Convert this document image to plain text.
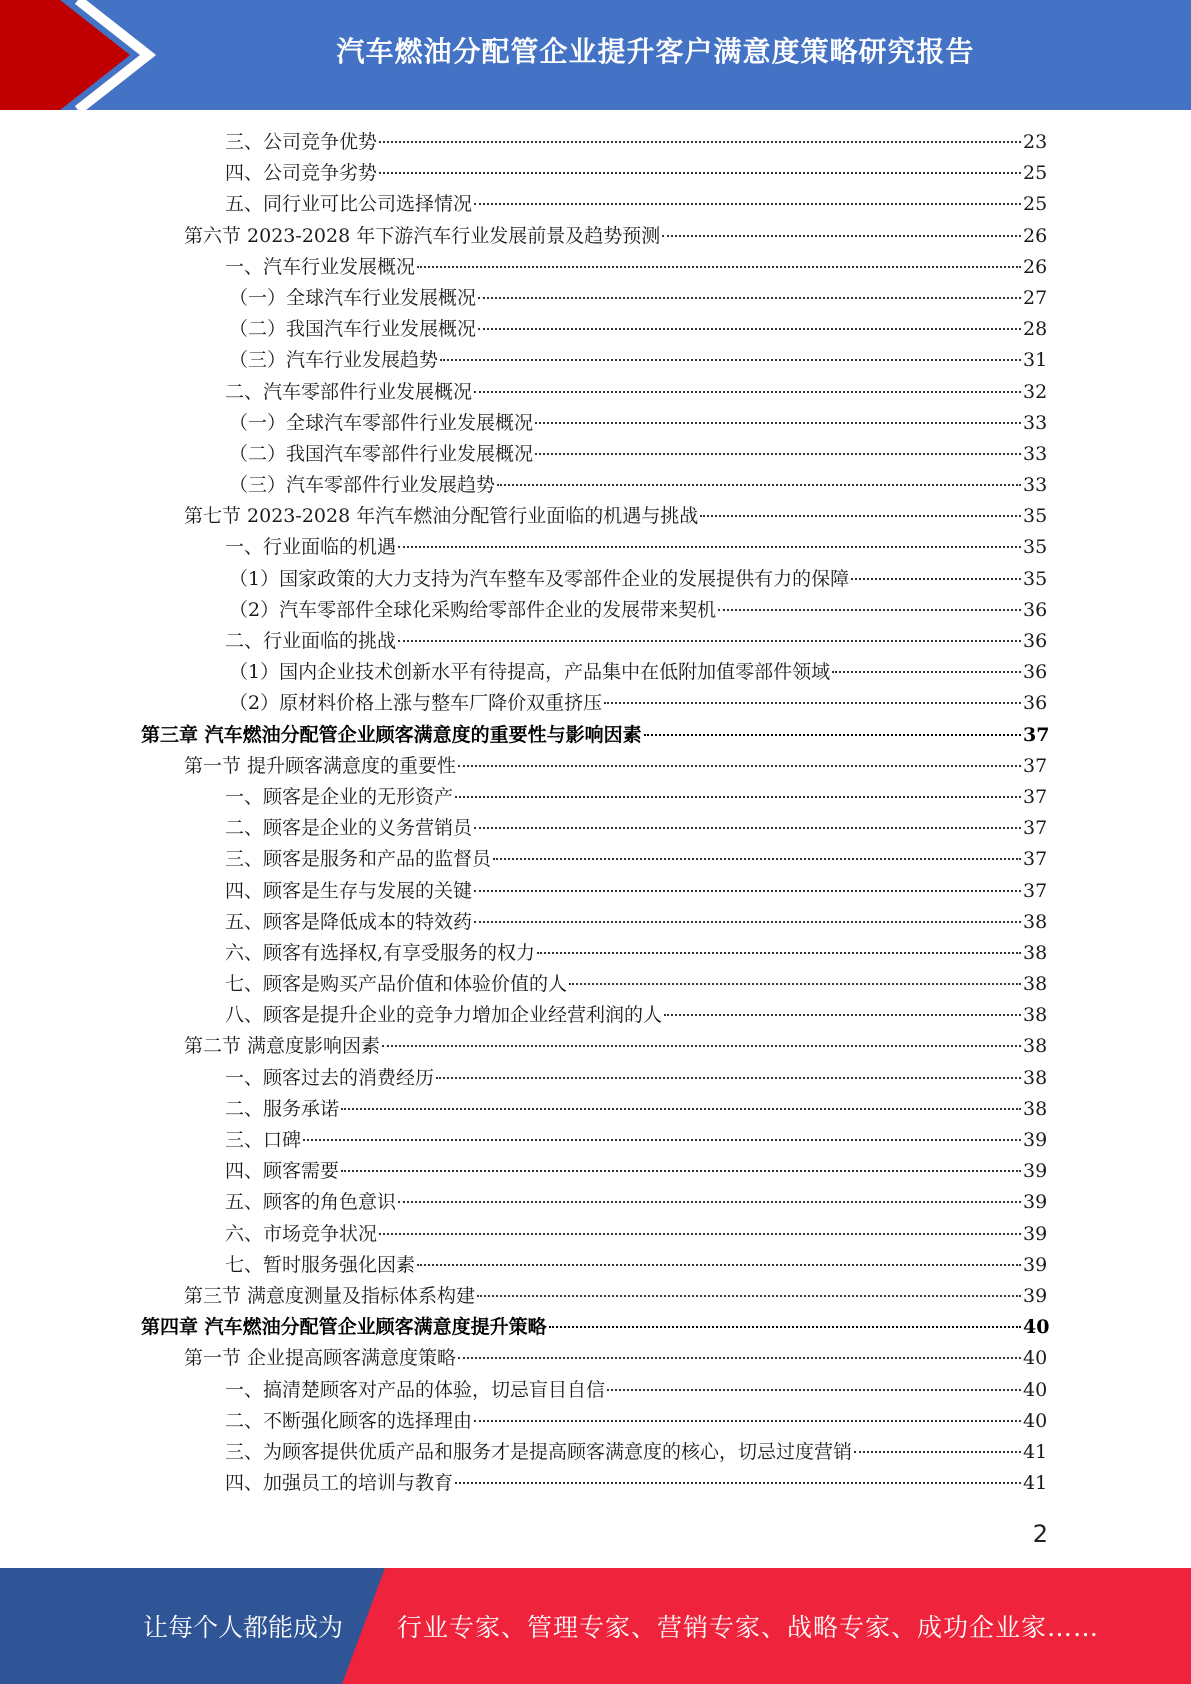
汽车燃油分配管企业提升客户满意度策略研究报告
三、公司竞争优势	23
四、公司竞争劣势	25
五、同行业可比公司选择情况	25
第六节 2023-2028 年下游汽车行业发展前景及趋势预测	26
一、汽车行业发展概况	26
（一）全球汽车行业发展概况	27
（二）我国汽车行业发展概况	28
（三）汽车行业发展趋势	31
二、汽车零部件行业发展概况	32
（一）全球汽车零部件行业发展概况	33
（二）我国汽车零部件行业发展概况	33
（三）汽车零部件行业发展趋势	33
第七节 2023-2028 年汽车燃油分配管行业面临的机遇与挑战	35
一、行业面临的机遇	35
（1）国家政策的大力支持为汽车整车及零部件企业的发展提供有力的保障	35
（2）汽车零部件全球化采购给零部件企业的发展带来契机	36
二、行业面临的挑战	36
（1）国内企业技术创新水平有待提高，产品集中在低附加值零部件领域	36
（2）原材料价格上涨与整车厂降价双重挤压	36
第三章 汽车燃油分配管企业顾客满意度的重要性与影响因素	37
第一节 提升顾客满意度的重要性	37
一、顾客是企业的无形资产	37
二、顾客是企业的义务营销员	37
三、顾客是服务和产品的监督员	37
四、顾客是生存与发展的关键	37
五、顾客是降低成本的特效药	38
六、顾客有选择权,有享受服务的权力	38
七、顾客是购买产品价值和体验价值的人	38
八、顾客是提升企业的竞争力增加企业经营利润的人	38
第二节 满意度影响因素	38
一、顾客过去的消费经历	38
二、服务承诺	38
三、口碑	39
四、顾客需要	39
五、顾客的角色意识	39
六、市场竞争状况	39
七、暂时服务强化因素	39
第三节 满意度测量及指标体系构建	39
第四章 汽车燃油分配管企业顾客满意度提升策略	40
第一节 企业提高顾客满意度策略	40
一、搞清楚顾客对产品的体验，切忌盲目自信	40
二、不断强化顾客的选择理由	40
三、为顾客提供优质产品和服务才是提高顾客满意度的核心，切忌过度营销	41
四、加强员工的培训与教育	41
2
让每个人都能成为 行业专家、管理专家、营销专家、战略专家、成功企业家……
